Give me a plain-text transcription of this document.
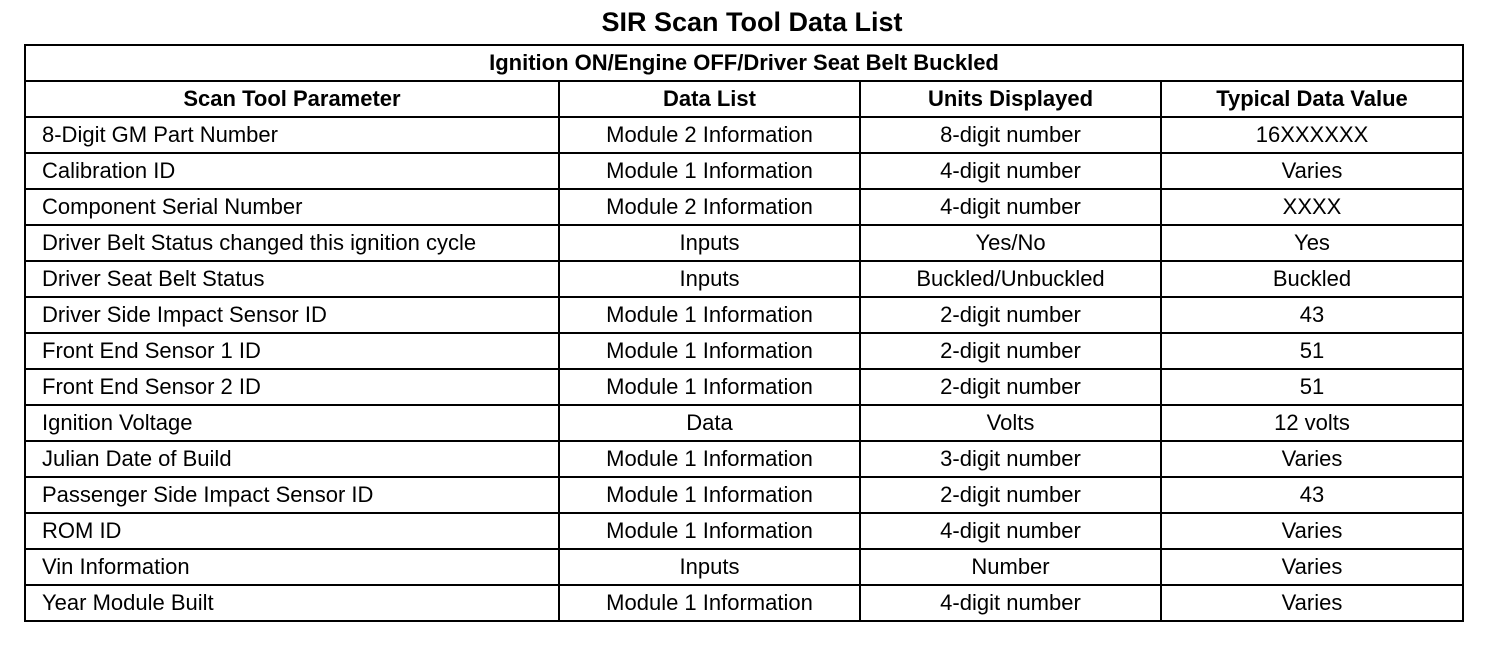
SIR Scan Tool Data List
Ignition ON/Engine OFF/Driver Seat Belt Buckled			
Scan Tool Parameter	Data List	Units Displayed	Typical Data Value
8-Digit GM Part Number	Module 2 Information	8-digit number	16XXXXXX
Calibration ID	Module 1 Information	4-digit number	Varies
Component Serial Number	Module 2 Information	4-digit number	XXXX
Driver Belt Status changed this ignition cycle	Inputs	Yes/No	Yes
Driver Seat Belt Status	Inputs	Buckled/Unbuckled	Buckled
Driver Side Impact Sensor ID	Module 1 Information	2-digit number	43
Front End Sensor 1 ID	Module 1 Information	2-digit number	51
Front End Sensor 2 ID	Module 1 Information	2-digit number	51
Ignition Voltage	Data	Volts	12 volts
Julian Date of Build	Module 1 Information	3-digit number	Varies
Passenger Side Impact Sensor ID	Module 1 Information	2-digit number	43
ROM ID	Module 1 Information	4-digit number	Varies
Vin Information	Inputs	Number	Varies
Year Module Built	Module 1 Information	4-digit number	Varies
